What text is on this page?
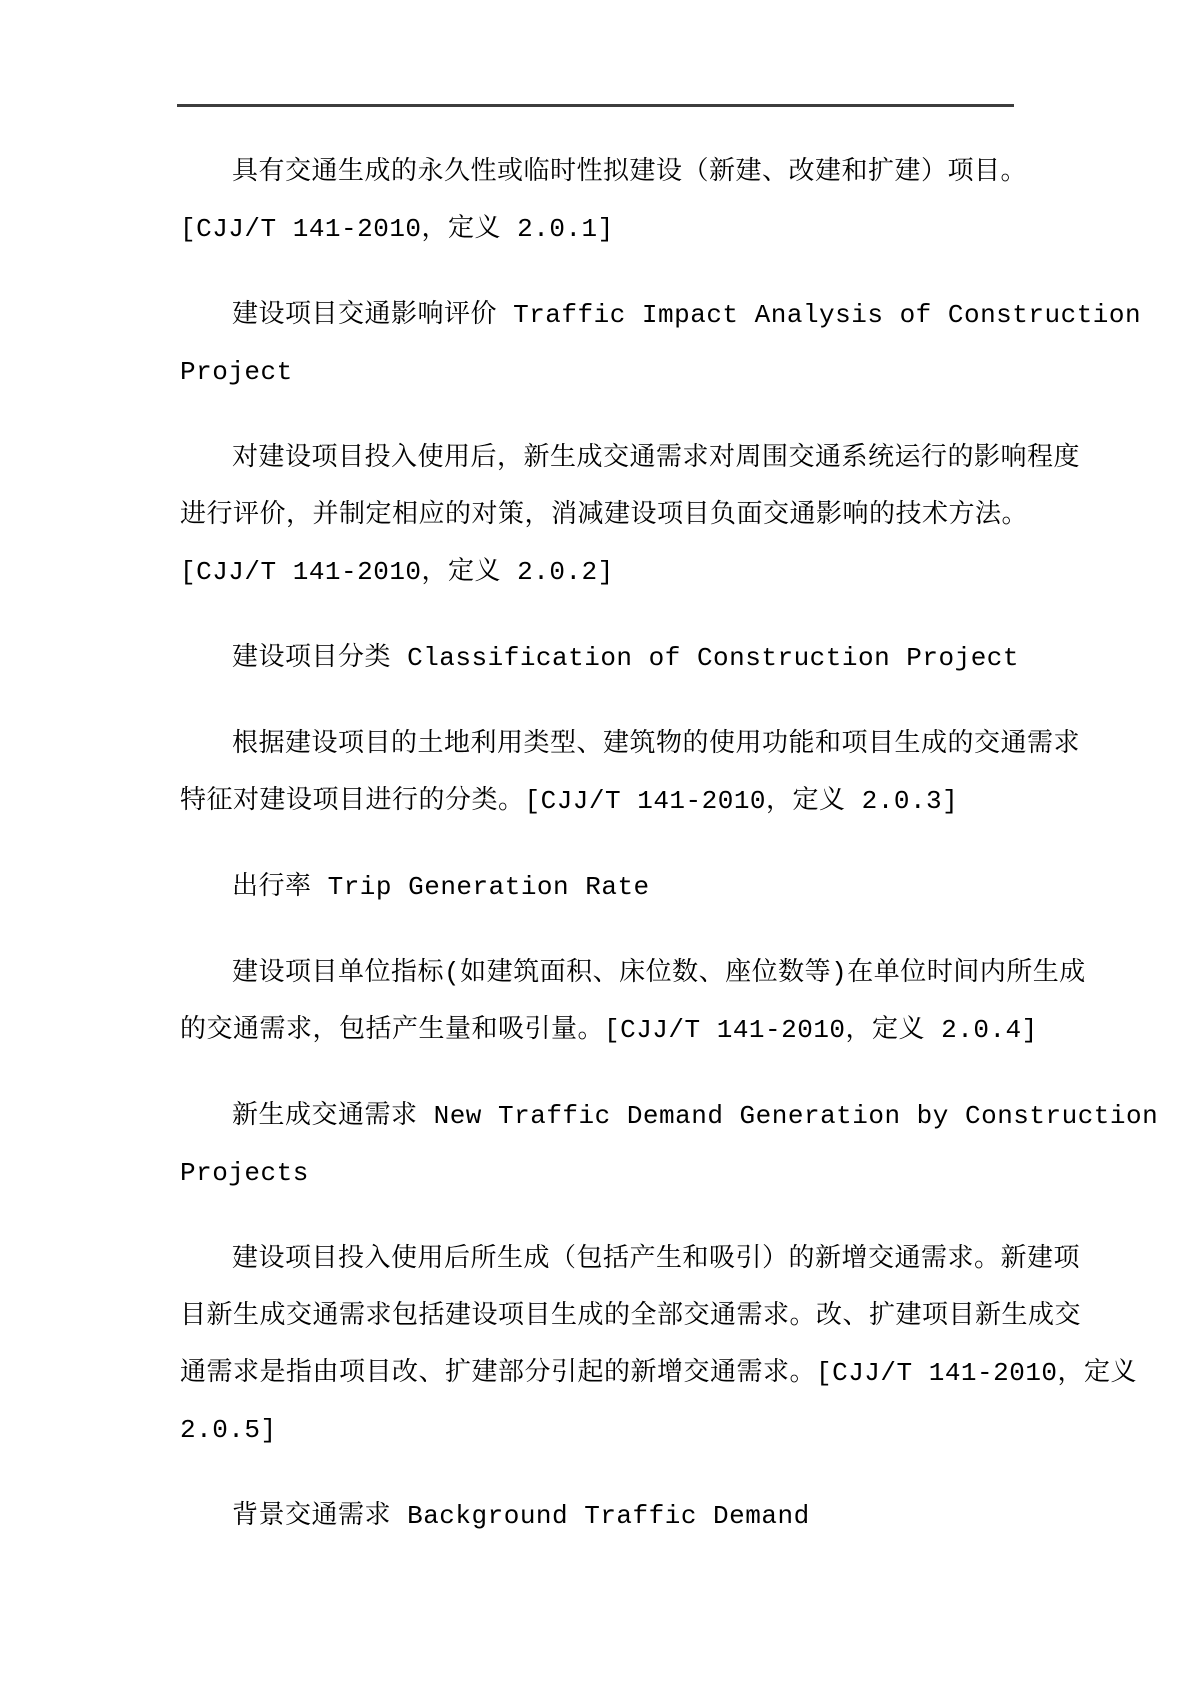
具有交通生成的永久性或临时性拟建设（新建、改建和扩建）项目。
[CJJ/T 141-2010，定义 2.0.1]
建设项目交通影响评价 Traffic Impact Analysis of Construction
Project
对建设项目投入使用后，新生成交通需求对周围交通系统运行的影响程度
进行评价，并制定相应的对策，消减建设项目负面交通影响的技术方法。
[CJJ/T 141-2010，定义 2.0.2]
建设项目分类 Classification of Construction Project
根据建设项目的土地利用类型、建筑物的使用功能和项目生成的交通需求
特征对建设项目进行的分类。[CJJ/T 141-2010，定义 2.0.3]
出行率 Trip Generation Rate
建设项目单位指标(如建筑面积、床位数、座位数等)在单位时间内所生成
的交通需求，包括产生量和吸引量。[CJJ/T 141-2010，定义 2.0.4]
新生成交通需求 New Traffic Demand Generation by Construction
Projects
建设项目投入使用后所生成（包括产生和吸引）的新增交通需求。新建项
目新生成交通需求包括建设项目生成的全部交通需求。改、扩建项目新生成交
通需求是指由项目改、扩建部分引起的新增交通需求。[CJJ/T 141-2010，定义
2.0.5]
背景交通需求 Background Traffic Demand
